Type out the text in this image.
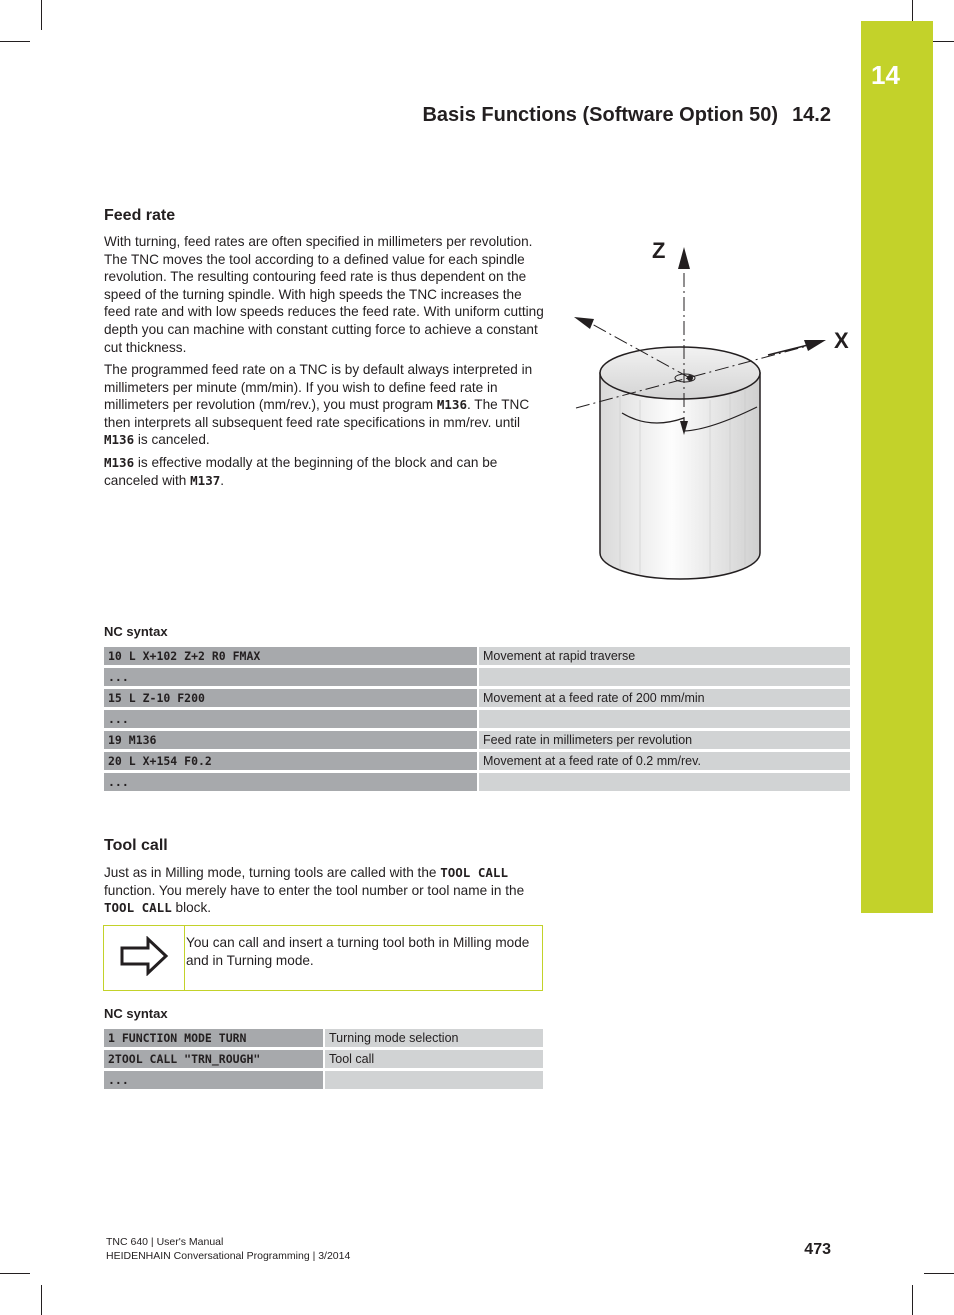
14
Basis Functions (Software Option 50) 14.2
Feed rate

With turning, feed rates are often specified in millimeters per revolution. The TNC moves the tool according to a defined value for each spindle revolution. The resulting contouring feed rate is thus dependent on the speed of the turning spindle. With high speeds the TNC increases the feed rate and with low speeds reduces the feed rate. With uniform cutting depth you can machine with constant cutting force to achieve a constant cut thickness.

The programmed feed rate on a TNC is by default always interpreted in millimeters per minute (mm/min). If you wish to define feed rate in millimeters per revolution (mm/rev.), you must program M136. The TNC then interprets all subsequent feed rate specifications in mm/rev. until M136 is canceled.

M136 is effective modally at the beginning of the block and can be canceled with M137.

Z
X
NC syntax
10 L X+102 Z+2 R0 FMAX	Movement at rapid traverse
...	
15 L Z-10 F200	Movement at a feed rate of 200 mm/min
...	
19 M136	Feed rate in millimeters per revolution
20 L X+154 F0.2	Movement at a feed rate of 0.2 mm/rev.
...	
Tool call

Just as in Milling mode, turning tools are called with the TOOL CALL function. You merely have to enter the tool number or tool name in the TOOL CALL block.

You can call and insert a turning tool both in Milling mode and in Turning mode.

NC syntax
1 FUNCTION MODE TURN	Turning mode selection
2TOOL CALL "TRN_ROUGH"	Tool call
...	
TNC 640 | User's Manual
HEIDENHAIN Conversational Programming | 3/2014	473
